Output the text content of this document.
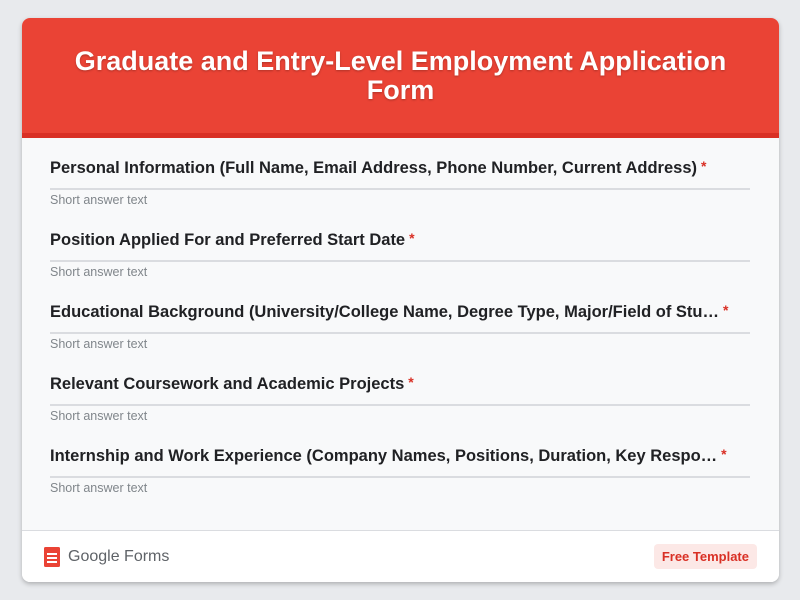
Graduate and Entry-Level Employment Application Form
Personal Information (Full Name, Email Address, Phone Number, Current Address) *
Short answer text
Position Applied For and Preferred Start Date *
Short answer text
Educational Background (University/College Name, Degree Type, Major/Field of Stu… *
Short answer text
Relevant Coursework and Academic Projects *
Short answer text
Internship and Work Experience (Company Names, Positions, Duration, Key Respo… *
Short answer text
Google Forms	Free Template
